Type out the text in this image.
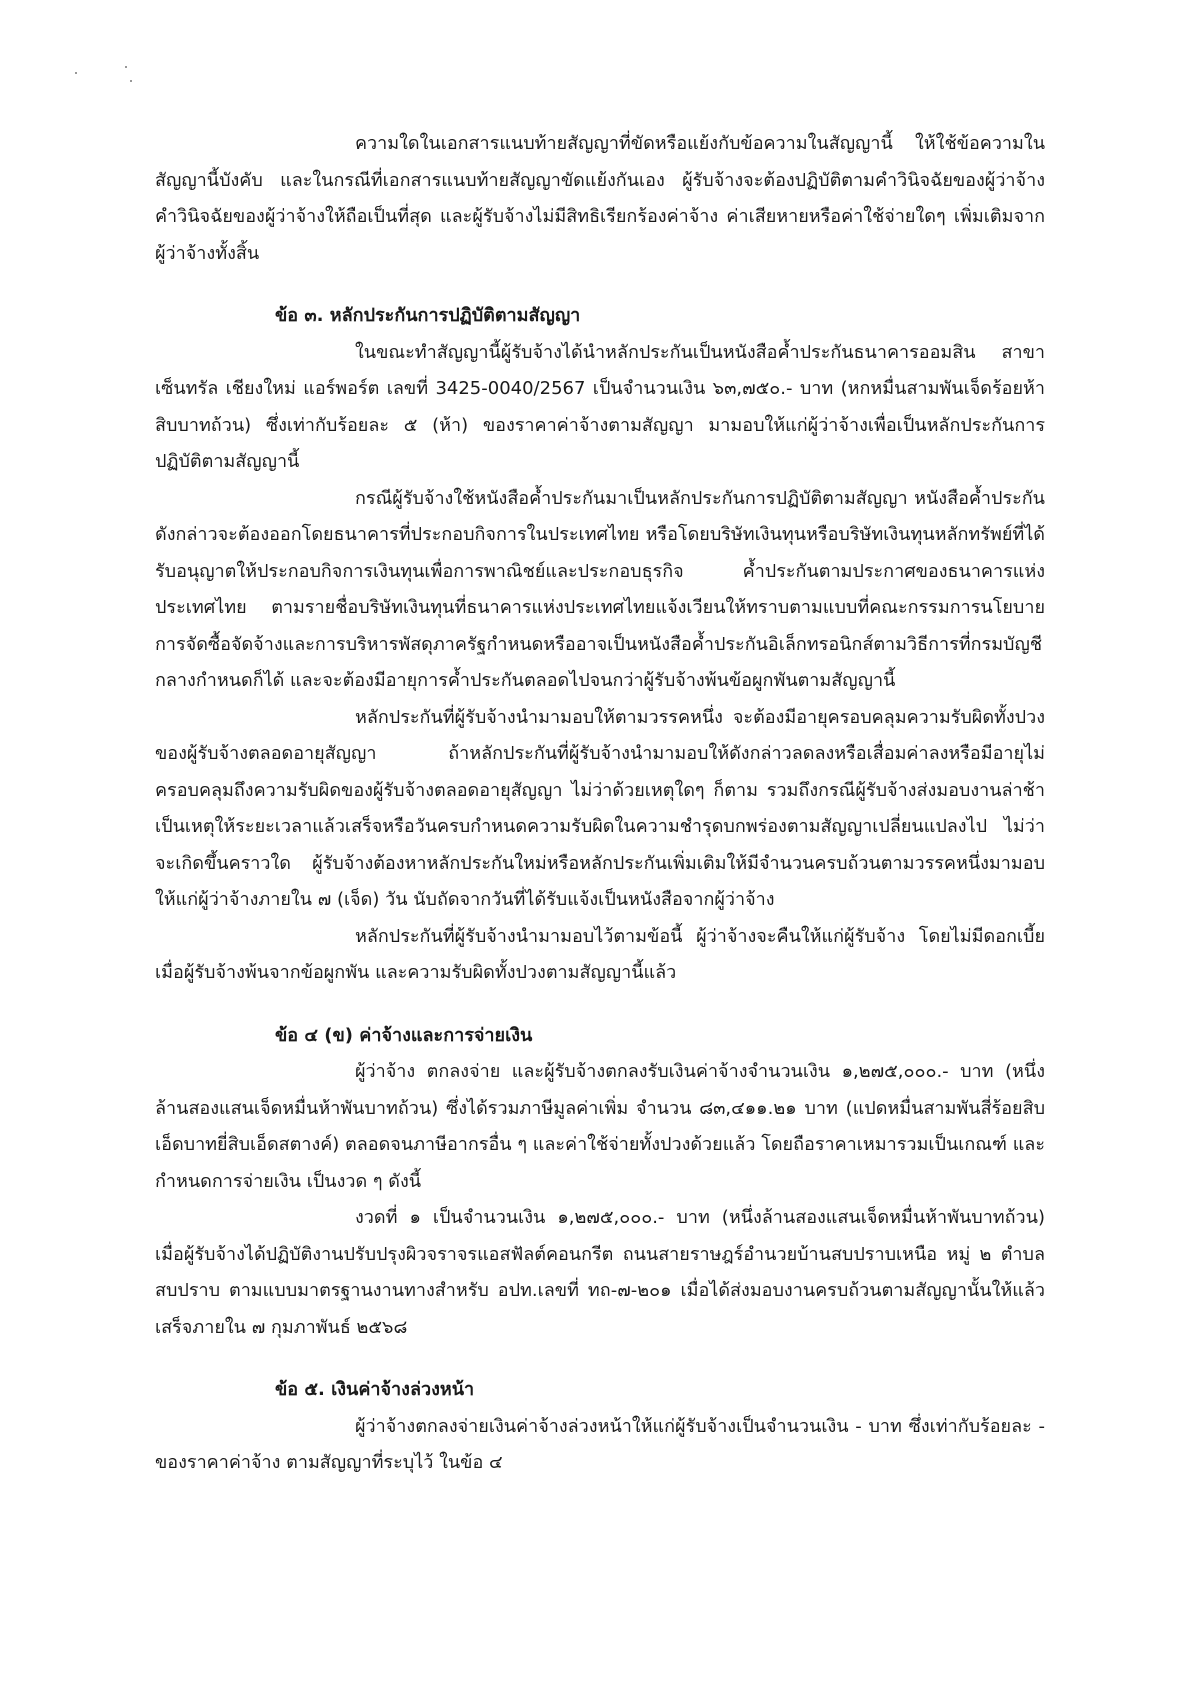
ความใดในเอกสารแนบท้ายสัญญาที่ขัดหรือแย้งกับข้อความในสัญญานี้ ให้ใช้ข้อความในสัญญานี้บังคับ และในกรณีที่เอกสารแนบท้ายสัญญาขัดแย้งกันเอง ผู้รับจ้างจะต้องปฏิบัติตามคำวินิจฉัยของผู้ว่าจ้าง คำวินิจฉัยของผู้ว่าจ้างให้ถือเป็นที่สุด และผู้รับจ้างไม่มีสิทธิเรียกร้องค่าจ้าง ค่าเสียหายหรือค่าใช้จ่ายใดๆ เพิ่มเติมจากผู้ว่าจ้างทั้งสิ้น

ข้อ ๓. หลักประกันการปฏิบัติตามสัญญา

ในขณะทำสัญญานี้ผู้รับจ้างได้นำหลักประกันเป็นหนังสือค้ำประกันธนาคารออมสิน สาขาเซ็นทรัล เชียงใหม่ แอร์พอร์ต เลขที่ 3425-0040/2567 เป็นจำนวนเงิน ๖๓,๗๕๐.- บาท (หกหมื่นสามพันเจ็ดร้อยห้าสิบบาทถ้วน) ซึ่งเท่ากับร้อยละ ๕ (ห้า) ของราคาค่าจ้างตามสัญญา มามอบให้แก่ผู้ว่าจ้างเพื่อเป็นหลักประกันการปฏิบัติตามสัญญานี้

กรณีผู้รับจ้างใช้หนังสือค้ำประกันมาเป็นหลักประกันการปฏิบัติตามสัญญา หนังสือค้ำประกันดังกล่าวจะต้องออกโดยธนาคารที่ประกอบกิจการในประเทศไทย หรือโดยบริษัทเงินทุนหรือบริษัทเงินทุนหลักทรัพย์ที่ได้รับอนุญาตให้ประกอบกิจการเงินทุนเพื่อการพาณิชย์และประกอบธุรกิจ ค้ำประกันตามประกาศของธนาคารแห่งประเทศไทย ตามรายชื่อบริษัทเงินทุนที่ธนาคารแห่งประเทศไทยแจ้งเวียนให้ทราบตามแบบที่คณะกรรมการนโยบายการจัดซื้อจัดจ้างและการบริหารพัสดุภาครัฐกำหนดหรืออาจเป็นหนังสือค้ำประกันอิเล็กทรอนิกส์ตามวิธีการที่กรมบัญชีกลางกำหนดก็ได้ และจะต้องมีอายุการค้ำประกันตลอดไปจนกว่าผู้รับจ้างพ้นข้อผูกพันตามสัญญานี้

หลักประกันที่ผู้รับจ้างนำมามอบให้ตามวรรคหนึ่ง จะต้องมีอายุครอบคลุมความรับผิดทั้งปวงของผู้รับจ้างตลอดอายุสัญญา ถ้าหลักประกันที่ผู้รับจ้างนำมามอบให้ดังกล่าวลดลงหรือเสื่อมค่าลงหรือมีอายุไม่ครอบคลุมถึงความรับผิดของผู้รับจ้างตลอดอายุสัญญา ไม่ว่าด้วยเหตุใดๆ ก็ตาม รวมถึงกรณีผู้รับจ้างส่งมอบงานล่าช้าเป็นเหตุให้ระยะเวลาแล้วเสร็จหรือวันครบกำหนดความรับผิดในความชำรุดบกพร่องตามสัญญาเปลี่ยนแปลงไป ไม่ว่าจะเกิดขึ้นคราวใด ผู้รับจ้างต้องหาหลักประกันใหม่หรือหลักประกันเพิ่มเติมให้มีจำนวนครบถ้วนตามวรรคหนึ่งมามอบให้แก่ผู้ว่าจ้างภายใน ๗ (เจ็ด) วัน นับถัดจากวันที่ได้รับแจ้งเป็นหนังสือจากผู้ว่าจ้าง

หลักประกันที่ผู้รับจ้างนำมามอบไว้ตามข้อนี้ ผู้ว่าจ้างจะคืนให้แก่ผู้รับจ้าง โดยไม่มีดอกเบี้ย เมื่อผู้รับจ้างพ้นจากข้อผูกพัน และความรับผิดทั้งปวงตามสัญญานี้แล้ว

ข้อ ๔ (ข) ค่าจ้างและการจ่ายเงิน

ผู้ว่าจ้าง ตกลงจ่าย และผู้รับจ้างตกลงรับเงินค่าจ้างจำนวนเงิน ๑,๒๗๕,๐๐๐.- บาท (หนึ่งล้านสองแสนเจ็ดหมื่นห้าพันบาทถ้วน) ซึ่งได้รวมภาษีมูลค่าเพิ่ม จำนวน ๘๓,๔๑๑.๒๑ บาท (แปดหมื่นสามพันสี่ร้อยสิบเอ็ดบาทยี่สิบเอ็ดสตางค์) ตลอดจนภาษีอากรอื่น ๆ และค่าใช้จ่ายทั้งปวงด้วยแล้ว โดยถือราคาเหมารวมเป็นเกณฑ์ และกำหนดการจ่ายเงิน เป็นงวด ๆ ดังนี้

งวดที่ ๑ เป็นจำนวนเงิน ๑,๒๗๕,๐๐๐.- บาท (หนึ่งล้านสองแสนเจ็ดหมื่นห้าพันบาทถ้วน) เมื่อผู้รับจ้างได้ปฏิบัติงานปรับปรุงผิวจราจรแอสฟัลต์คอนกรีต ถนนสายราษฎร์อำนวยบ้านสบปราบเหนือ หมู่ ๒ ตำบลสบปราบ ตามแบบมาตรฐานงานทางสำหรับ อปท.เลขที่ ทถ-๗-๒๐๑ เมื่อได้ส่งมอบงานครบถ้วนตามสัญญานั้นให้แล้วเสร็จภายใน ๗ กุมภาพันธ์ ๒๕๖๘

ข้อ ๕. เงินค่าจ้างล่วงหน้า

ผู้ว่าจ้างตกลงจ่ายเงินค่าจ้างล่วงหน้าให้แก่ผู้รับจ้างเป็นจำนวนเงิน - บาท ซึ่งเท่ากับร้อยละ - ของราคาค่าจ้าง ตามสัญญาที่ระบุไว้ ในข้อ ๔
